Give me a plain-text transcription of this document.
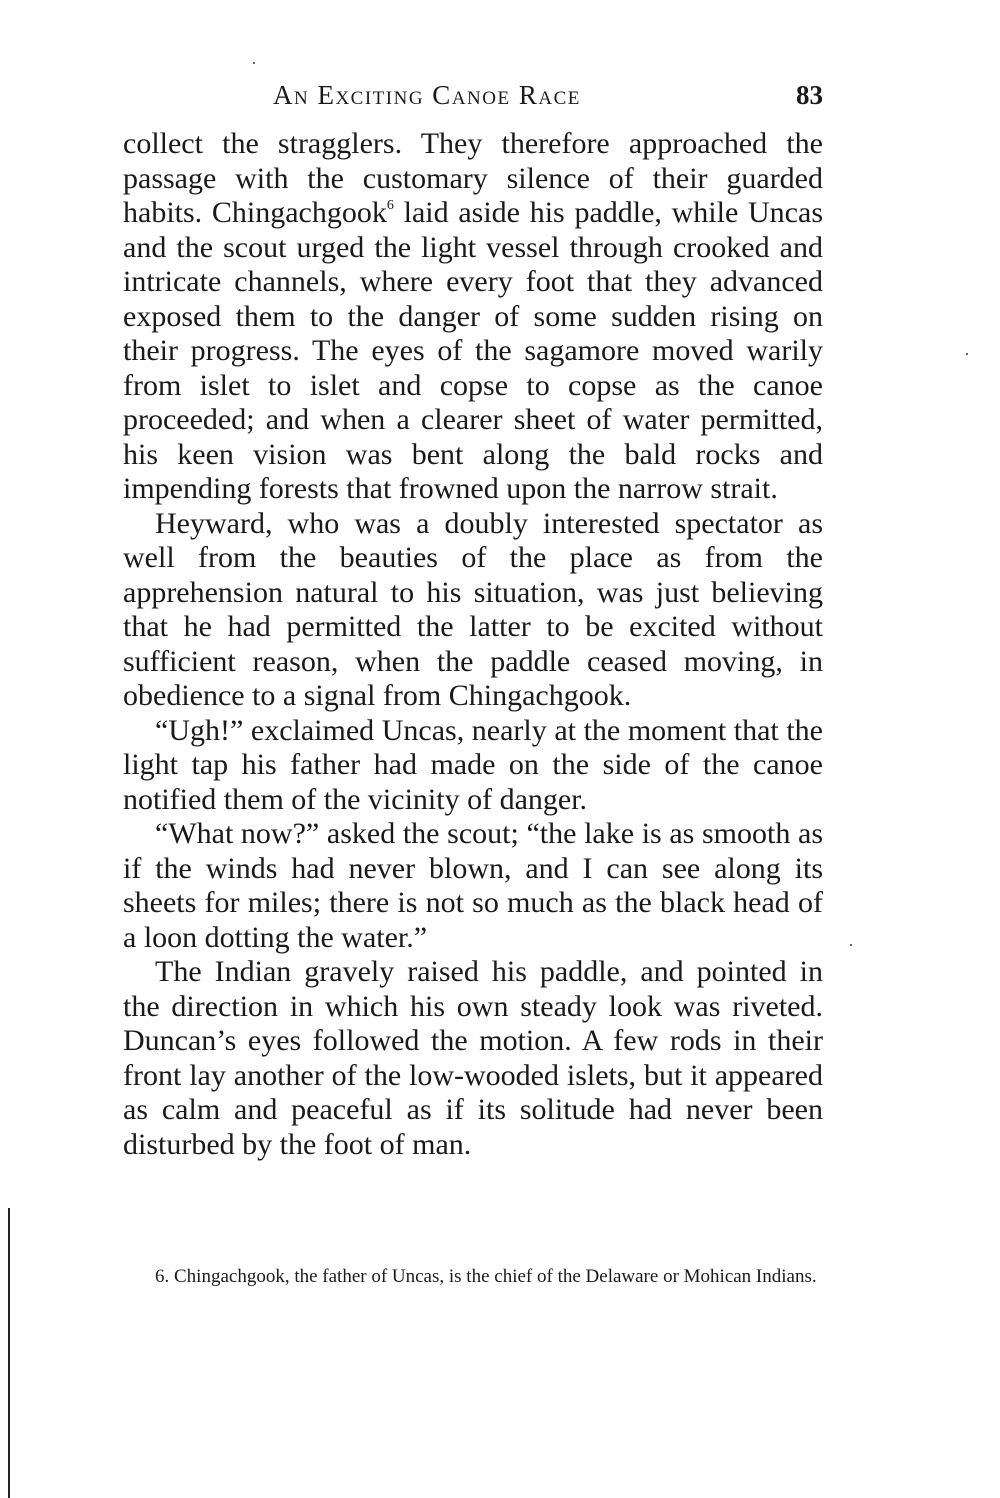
An Exciting Canoe Race	83

collect the stragglers. They therefore approached the passage with the customary silence of their guarded habits. Chingachgook$^6$ laid aside his paddle, while Uncas and the scout urged the light vessel through crooked and intricate channels, where every foot that they advanced exposed them to the danger of some sudden rising on their progress. The eyes of the sagamore moved warily from islet to islet and copse to copse as the canoe proceeded; and when a clearer sheet of water permitted, his keen vision was bent along the bald rocks and impending forests that frowned upon the narrow strait.

Heyward, who was a doubly interested spectator as well from the beauties of the place as from the apprehension natural to his situation, was just believing that he had permitted the latter to be excited without sufficient reason, when the paddle ceased moving, in obedience to a signal from Chingachgook.

“Ugh!” exclaimed Uncas, nearly at the moment that the light tap his father had made on the side of the canoe notified them of the vicinity of danger.

“What now?” asked the scout; “the lake is as smooth as if the winds had never blown, and I can see along its sheets for miles; there is not so much as the black head of a loon dotting the water.”

The Indian gravely raised his paddle, and pointed in the direction in which his own steady look was riveted. Duncan’s eyes followed the motion. A few rods in their front lay another of the low-wooded islets, but it appeared as calm and peaceful as if its solitude had never been disturbed by the foot of man.

6. Chingachgook, the father of Uncas, is the chief of the Delaware or Mohican Indians.
